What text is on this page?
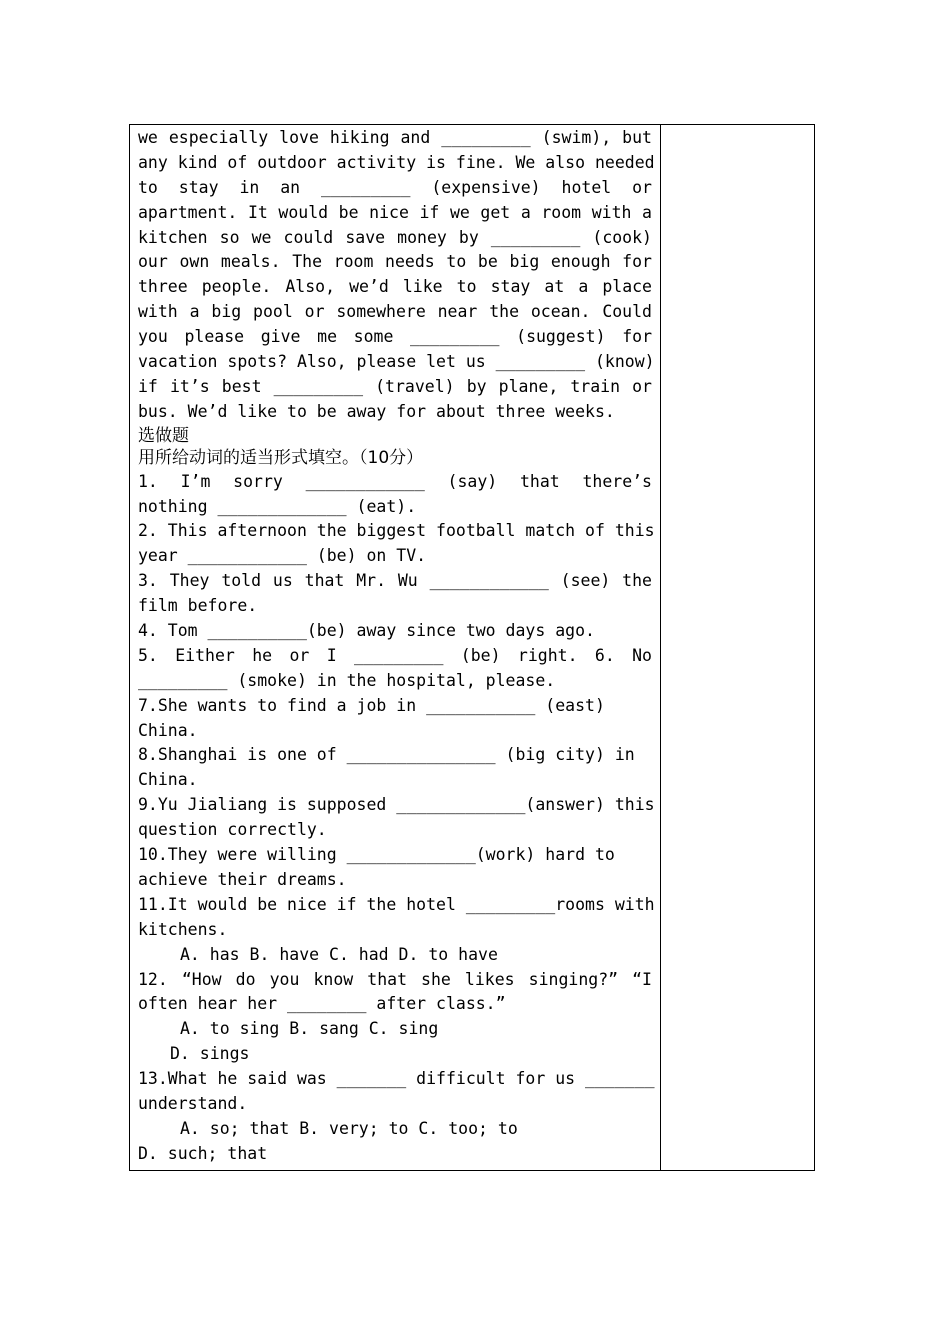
we especially love hiking and _________ (swim), but
any kind of outdoor activity is fine. We also needed
to stay in an _________ (expensive) hotel or
apartment. It would be nice if we get a room with a
kitchen so we could save money by _________ (cook)
our own meals. The room needs to be big enough for
three people. Also, we’d like to stay at a place
with a big pool or somewhere near the ocean. Could
you please give me some _________ (suggest) for
vacation spots? Also, please let us _________ (know)
if it’s best _________ (travel) by plane, train or
bus. We’d like to be away for about three weeks.
选做题
用所给动词的适当形式填空。（10分）
1. I’m sorry ____________ (say) that there’s
nothing _____________ (eat).
2. This afternoon the biggest football match of this
year ____________ (be) on TV.
3. They told us that Mr. Wu ____________ (see) the
film before.
4. Tom __________(be) away since two days ago.
5. Either he or I _________ (be) right. 6. No
_________ (smoke) in the hospital, please.
7.She wants to find a job in ___________ (east)
China.
8.Shanghai is one of _______________ (big city) in
China.
9.Yu Jialiang is supposed _____________(answer) this
question correctly.
10.They were willing _____________(work) hard to
achieve their dreams.
11.It would be nice if the hotel _________rooms with
kitchens.
A. has B. have C. had D. to have
12. “How do you know that she likes singing?” “I
often hear her ________ after class.”
A. to sing B. sang C. sing
D. sings
13.What he said was _______ difficult for us _______
understand.
A. so; that B. very; to C. too; to
D. such; that
